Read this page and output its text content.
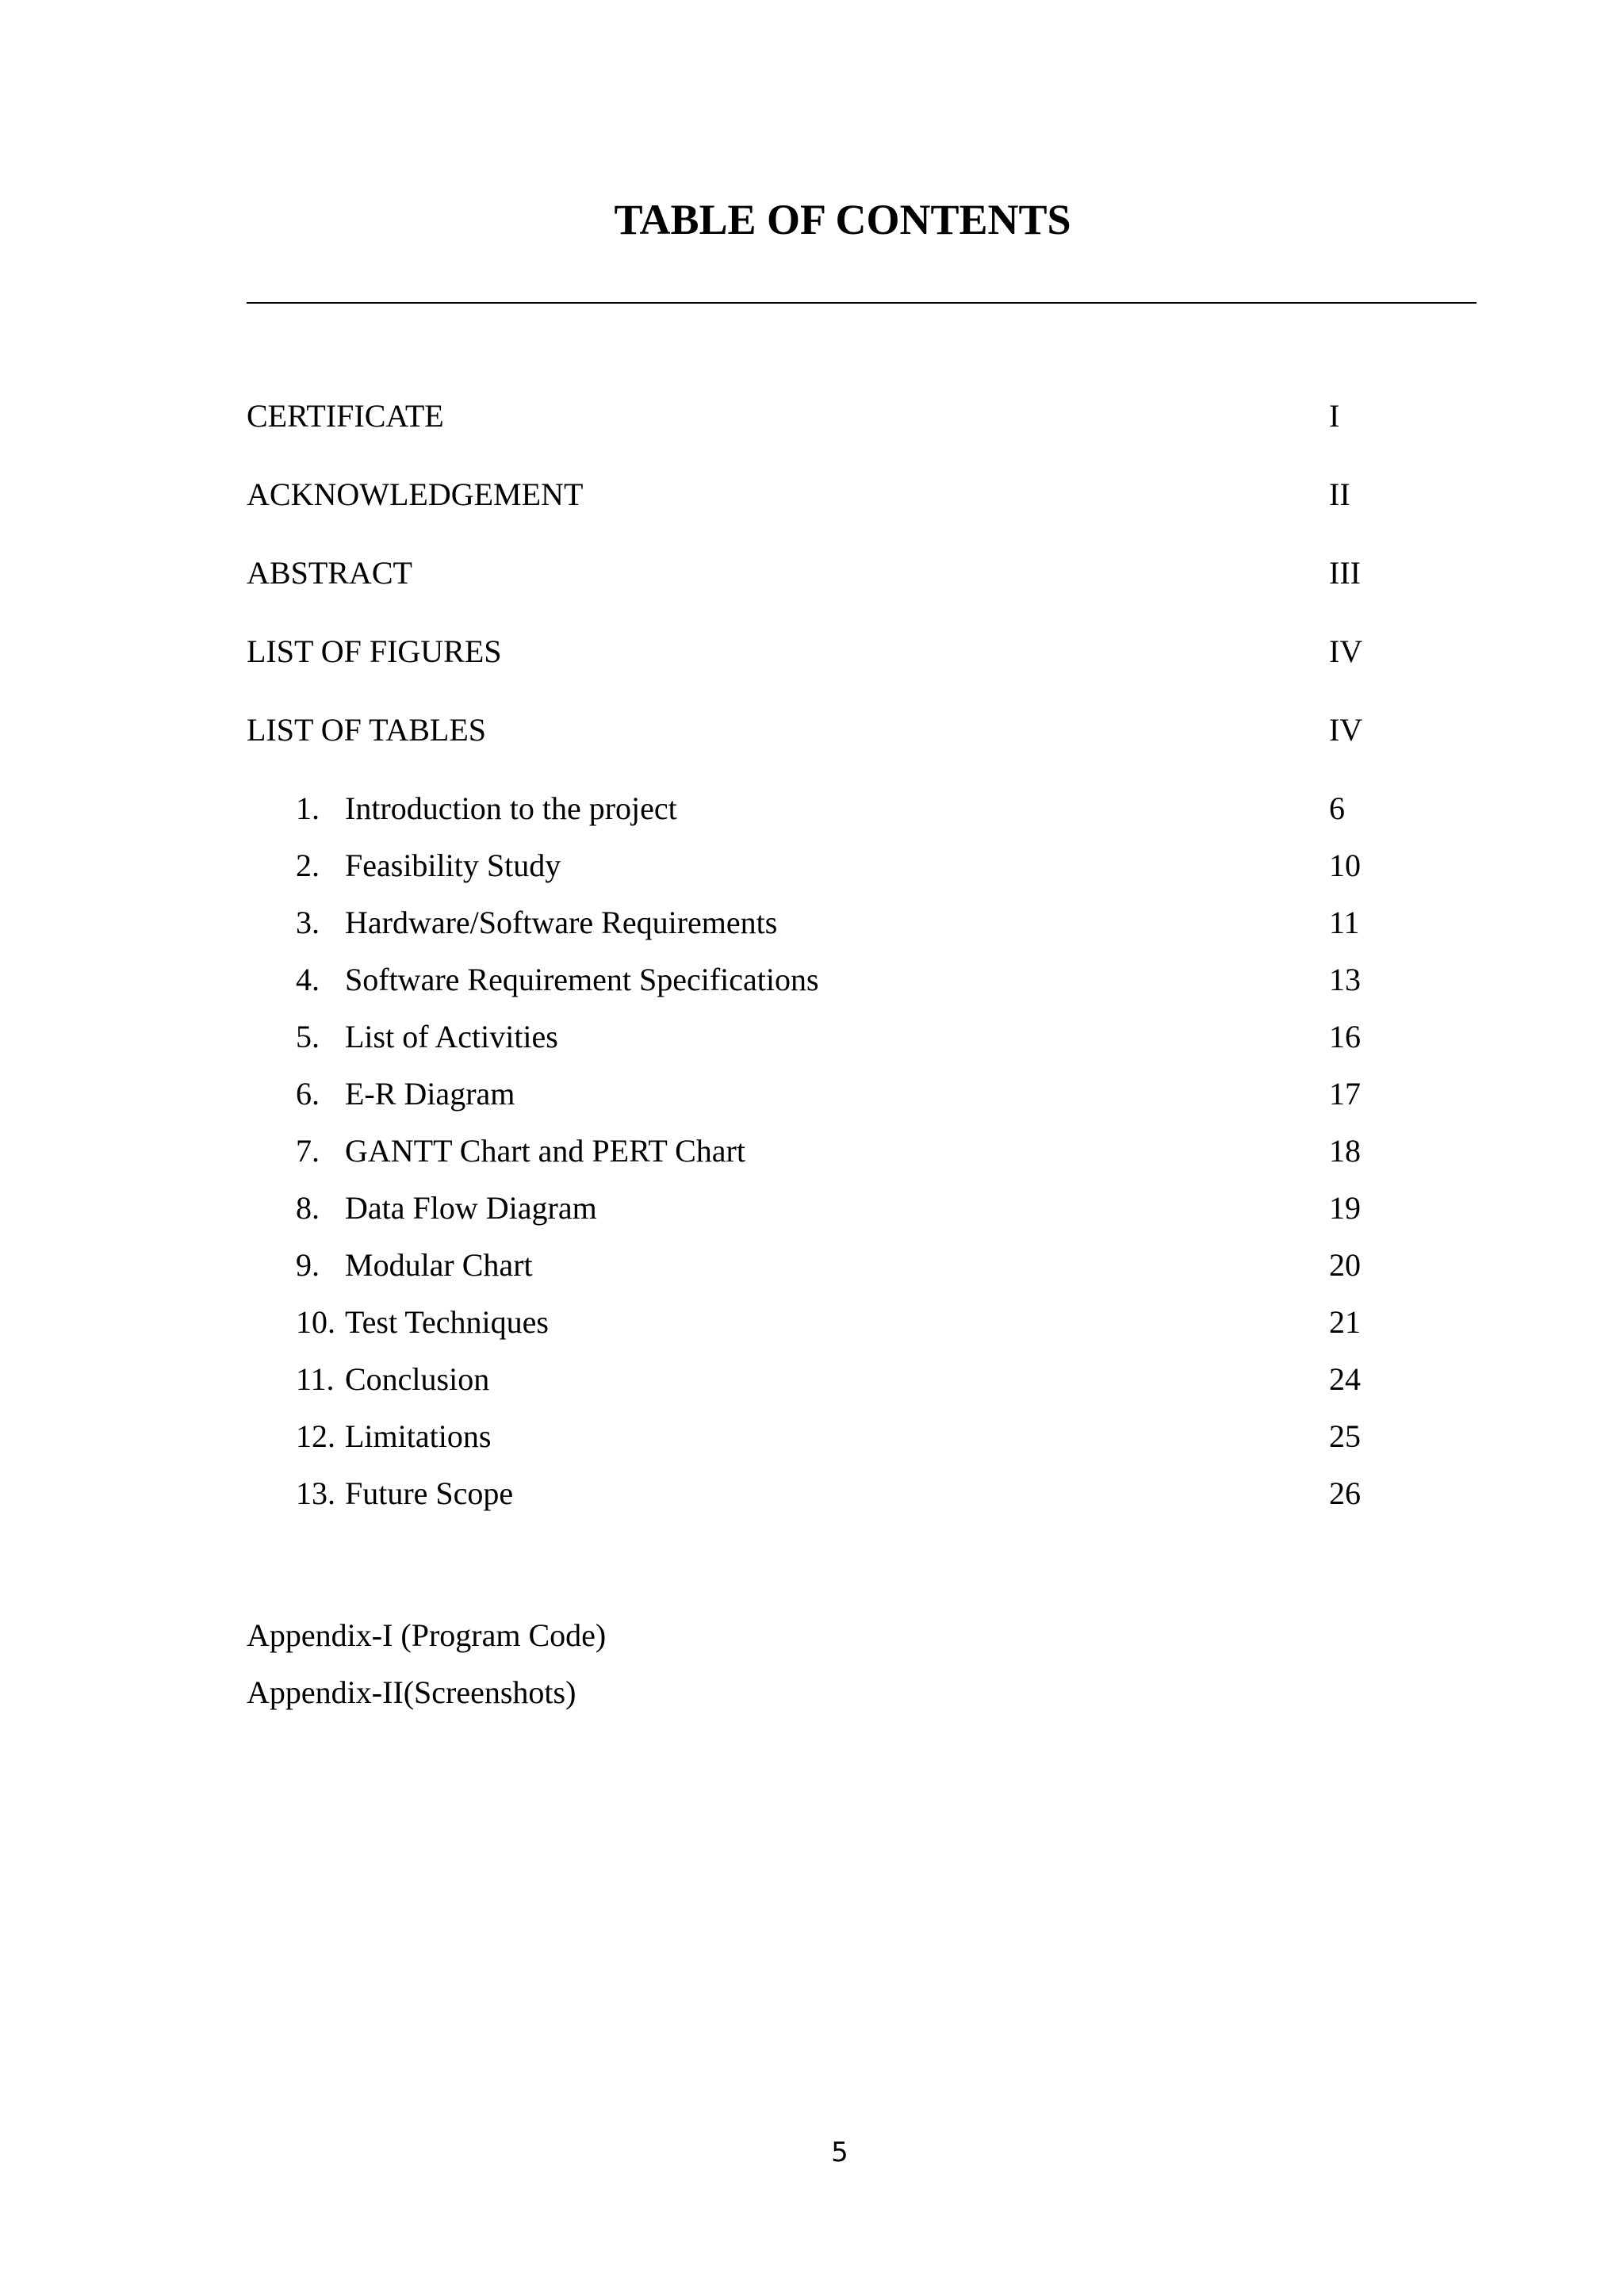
TABLE OF CONTENTS
CERTIFICATE	I
ACKNOWLEDGEMENT	II
ABSTRACT	III
LIST OF FIGURES	IV
LIST OF TABLES	IV
1. Introduction to the project	6
2. Feasibility Study	10
3. Hardware/Software Requirements	11
4. Software Requirement Specifications	13
5. List of Activities	16
6. E-R Diagram	17
7. GANTT Chart and PERT Chart	18
8. Data Flow Diagram	19
9. Modular Chart	20
10. Test Techniques	21
11. Conclusion	24
12. Limitations	25
13. Future Scope	26
Appendix-I (Program Code)
Appendix-II(Screenshots)
5
